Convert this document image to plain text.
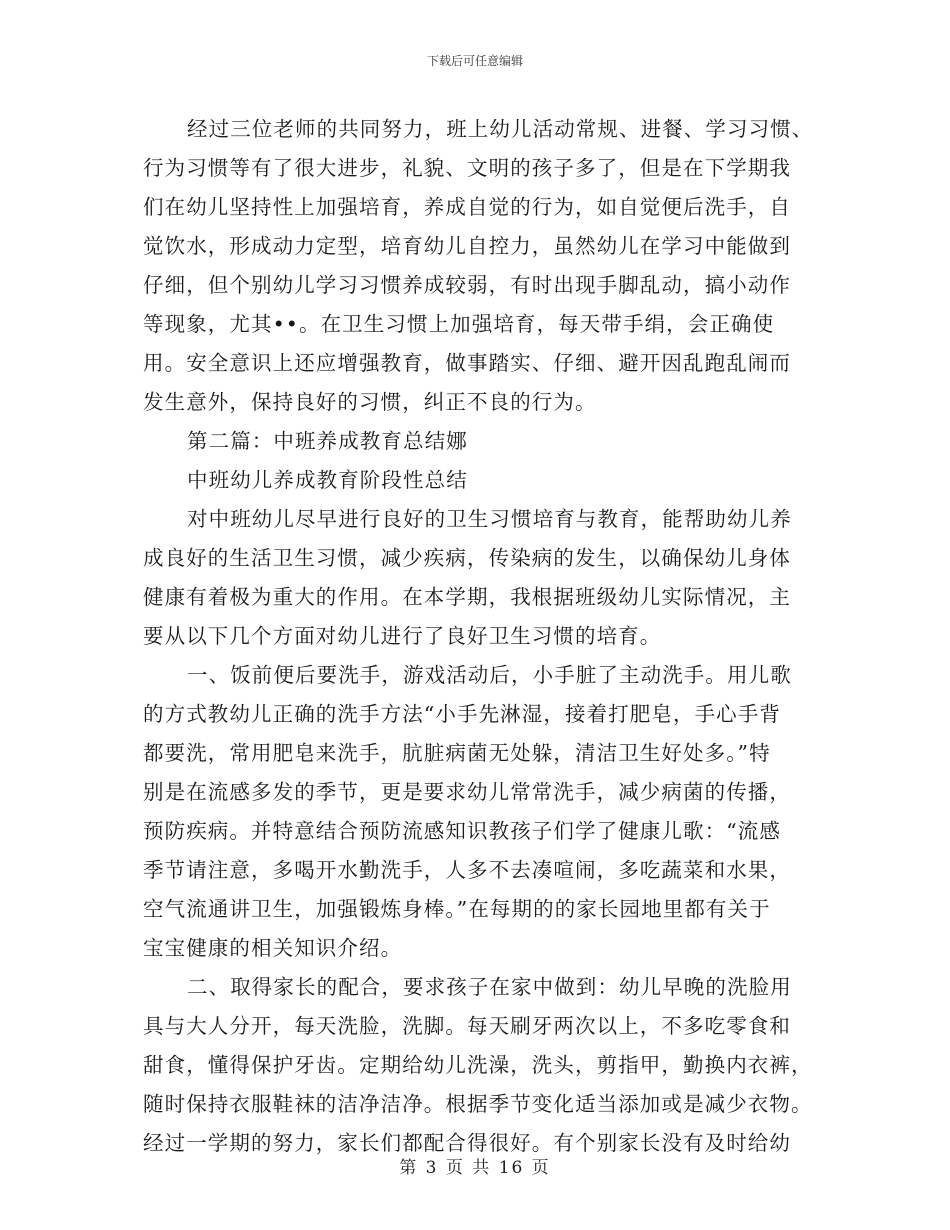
下载后可任意编辑

经过三位老师的共同努力，班上幼儿活动常规、进餐、学习习惯、

行为习惯等有了很大进步，礼貌、文明的孩子多了，但是在下学期我

们在幼儿坚持性上加强培育，养成自觉的行为，如自觉便后洗手，自

觉饮水，形成动力定型，培育幼儿自控力，虽然幼儿在学习中能做到

仔细，但个别幼儿学习习惯养成较弱，有时出现手脚乱动，搞小动作

等现象，尤其••。在卫生习惯上加强培育，每天带手绢，会正确使

用。安全意识上还应增强教育，做事踏实、仔细、避开因乱跑乱闹而

发生意外，保持良好的习惯，纠正不良的行为。

第二篇：中班养成教育总结娜

中班幼儿养成教育阶段性总结

对中班幼儿尽早进行良好的卫生习惯培育与教育，能帮助幼儿养

成良好的生活卫生习惯，减少疾病，传染病的发生，以确保幼儿身体

健康有着极为重大的作用。在本学期，我根据班级幼儿实际情况，主

要从以下几个方面对幼儿进行了良好卫生习惯的培育。

一、饭前便后要洗手，游戏活动后，小手脏了主动洗手。用儿歌

的方式教幼儿正确的洗手方法“小手先淋湿，接着打肥皂，手心手背

都要洗，常用肥皂来洗手，肮脏病菌无处躲，清洁卫生好处多。”特

别是在流感多发的季节，更是要求幼儿常常洗手，减少病菌的传播，

预防疾病。并特意结合预防流感知识教孩子们学了健康儿歌：“流感

季节请注意，多喝开水勤洗手，人多不去凑喧闹，多吃蔬菜和水果，

空气流通讲卫生，加强锻炼身棒。”在每期的的家长园地里都有关于

宝宝健康的相关知识介绍。

二、取得家长的配合，要求孩子在家中做到：幼儿早晚的洗脸用

具与大人分开，每天洗脸，洗脚。每天刷牙两次以上，不多吃零食和

甜食，懂得保护牙齿。定期给幼儿洗澡，洗头，剪指甲，勤换内衣裤，

随时保持衣服鞋袜的洁净洁净。根据季节变化适当添加或是减少衣物。

经过一学期的努力，家长们都配合得很好。有个别家长没有及时给幼

第 3 页 共 16 页
